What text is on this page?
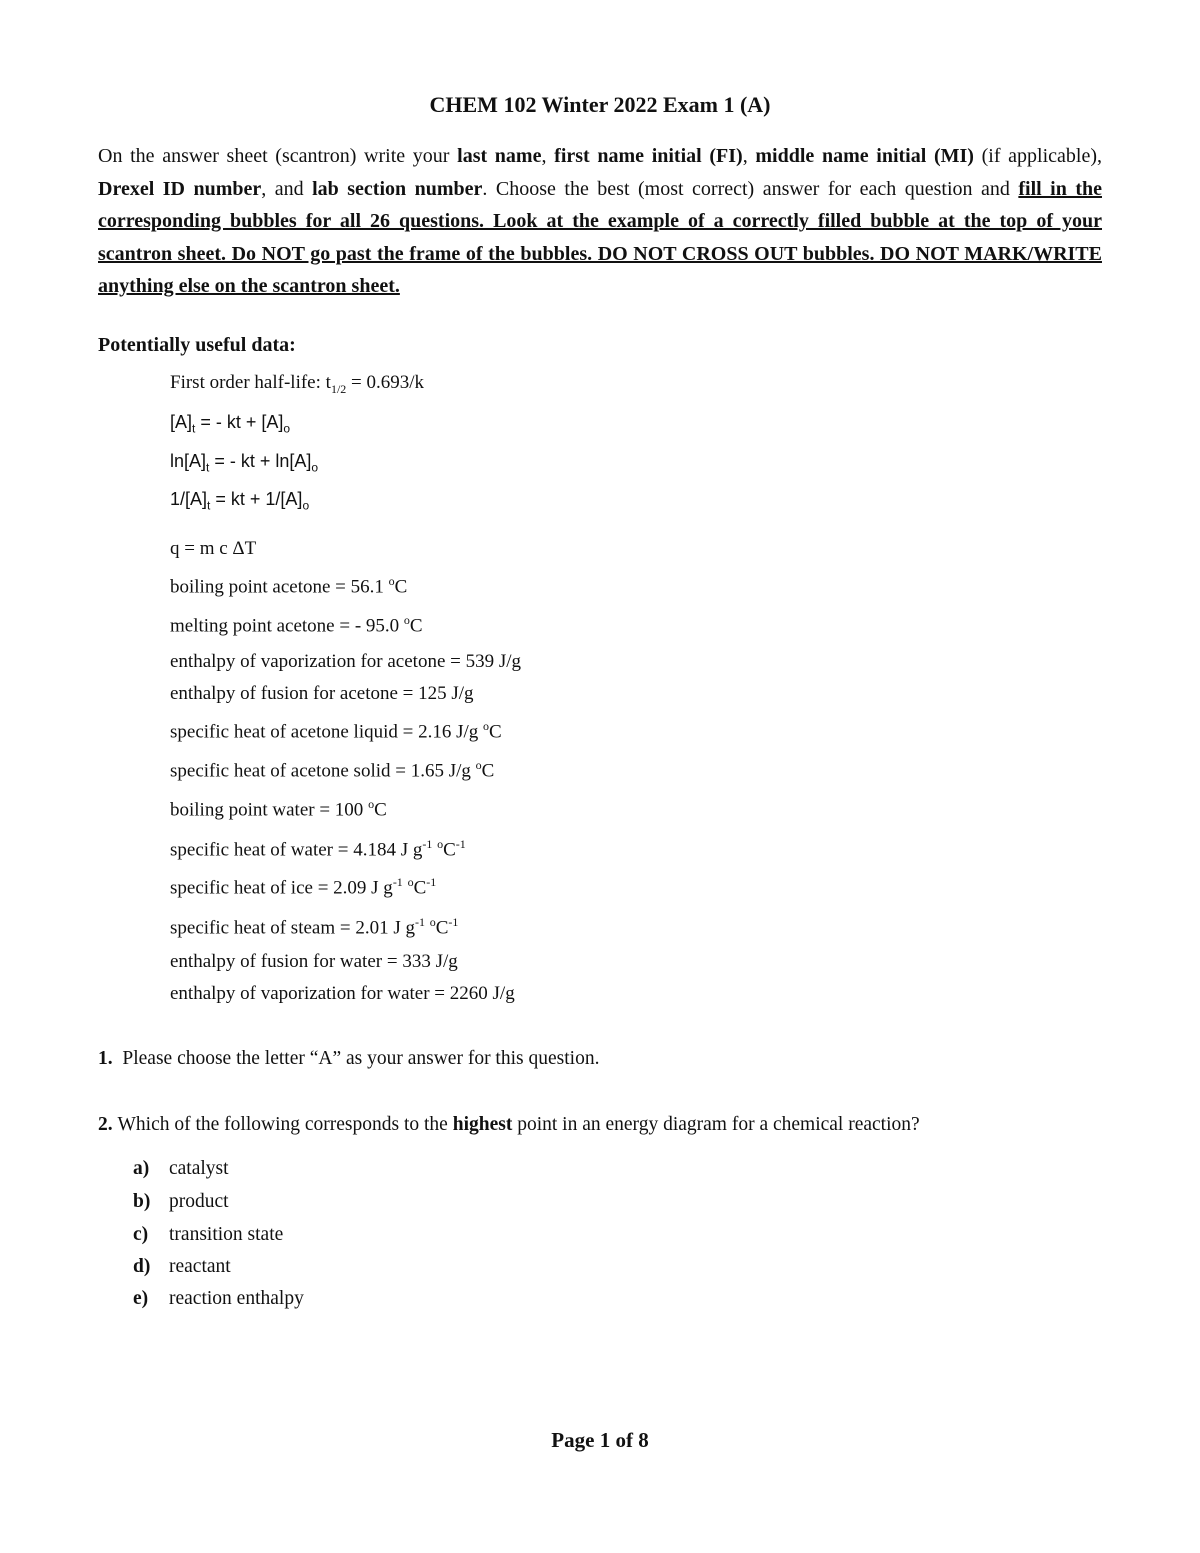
CHEM 102 Winter 2022 Exam 1 (A)
On the answer sheet (scantron) write your last name, first name initial (FI), middle name initial (MI) (if applicable), Drexel ID number, and lab section number. Choose the best (most correct) answer for each question and fill in the corresponding bubbles for all 26 questions. Look at the example of a correctly filled bubble at the top of your scantron sheet. Do NOT go past the frame of the bubbles. DO NOT CROSS OUT bubbles. DO NOT MARK/WRITE anything else on the scantron sheet.
Potentially useful data:
First order half-life: $t_{1/2} = 0.693/k$
$[A]_t$ = - kt + $[A]_o$
$\ln[A]_t$ = - kt + $\ln[A]_o$
$1/[A]_t$ = kt + $1/[A]_o$
q = m c ΔT
boiling point acetone = 56.1 $^o$C
melting point acetone = - 95.0 $^o$C
enthalpy of vaporization for acetone = 539 J/g
enthalpy of fusion for acetone = 125 J/g
specific heat of acetone liquid = 2.16 J/g $^o$C
specific heat of acetone solid = 1.65 J/g $^o$C
boiling point water = 100 $^o$C
specific heat of water = 4.184 J $g^{-1}$ $^oC^{-1}$
specific heat of ice = 2.09 J $g^{-1}$ $^oC^{-1}$
specific heat of steam = 2.01 J $g^{-1}$ $^oC^{-1}$
enthalpy of fusion for water = 333 J/g
enthalpy of vaporization for water = 2260 J/g
1. Please choose the letter “A” as your answer for this question.
2. Which of the following corresponds to the highest point in an energy diagram for a chemical reaction?
a) catalyst
b) product
c) transition state
d) reactant
e) reaction enthalpy
Page 1 of 8
